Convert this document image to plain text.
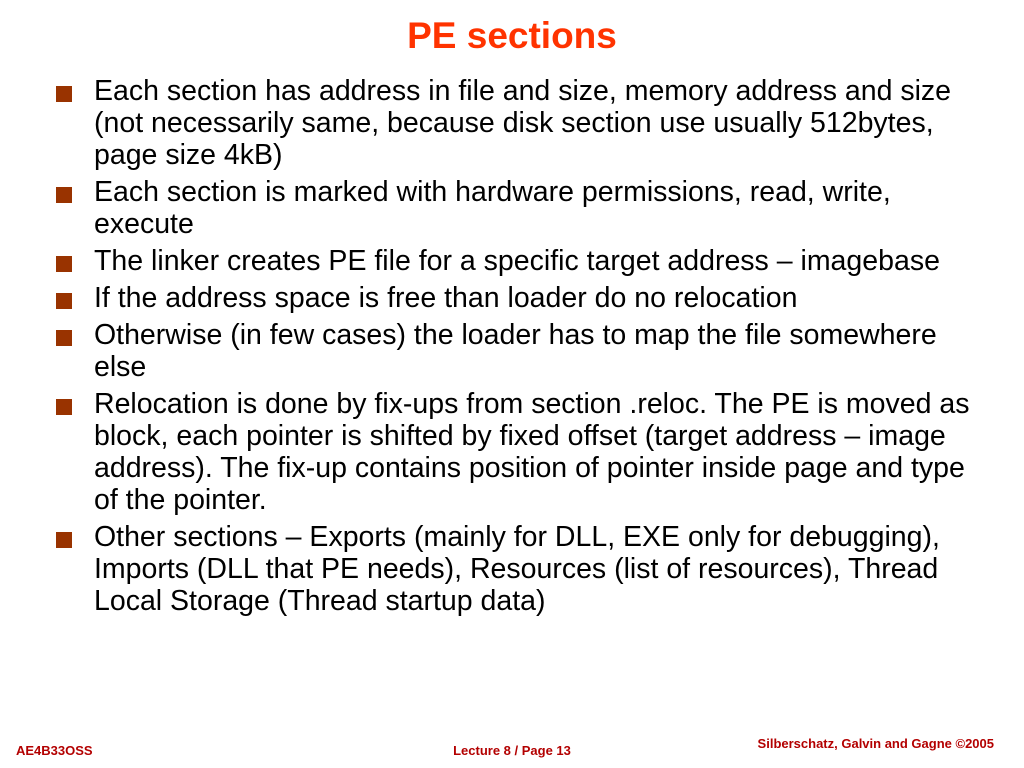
PE sections
Each section has address in file and size, memory address and size (not necessarily same, because disk section use usually 512bytes, page size 4kB)
Each section is marked with hardware permissions, read, write, execute
The linker creates PE file for a specific target address – imagebase
If the address space is free than loader do no relocation
Otherwise (in few cases) the loader has to map the file somewhere else
Relocation is done by fix-ups from section .reloc. The PE is moved as block, each pointer is shifted by fixed offset (target address – image address). The fix-up contains position of pointer inside page and type of the pointer.
Other sections – Exports (mainly for DLL, EXE only for debugging), Imports (DLL that PE needs), Resources (list of resources), Thread Local Storage (Thread startup data)
AE4B33OSS	Lecture 8 / Page 13	Silberschatz, Galvin and Gagne ©2005
